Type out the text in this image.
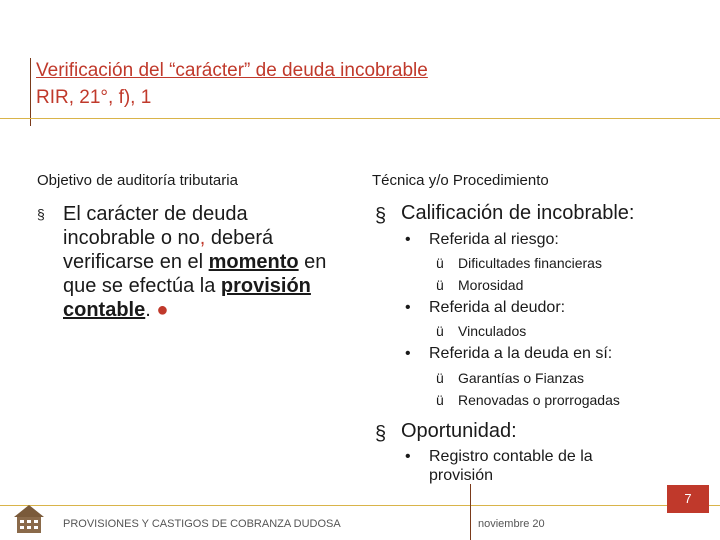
Verificación del “carácter” de deuda incobrable
RIR, 21°, f), 1
Objetivo de auditoría tributaria	Técnica y/o Procedimiento
§ El carácter de deuda incobrable o no, deberá verificarse en el momento en que se efectúa la provisión contable. ●
§ Calificación de incobrable:
• Referida al riesgo:
ü Dificultades financieras
ü Morosidad
• Referida al deudor:
ü Vinculados
• Referida a la deuda en sí:
ü Garantías o Fianzas
ü Renovadas o prorrogadas
§ Oportunidad:
• Registro contable de la
provisión
7
PROVISIONES Y CASTIGOS DE COBRANZA DUDOSA	noviembre 20
